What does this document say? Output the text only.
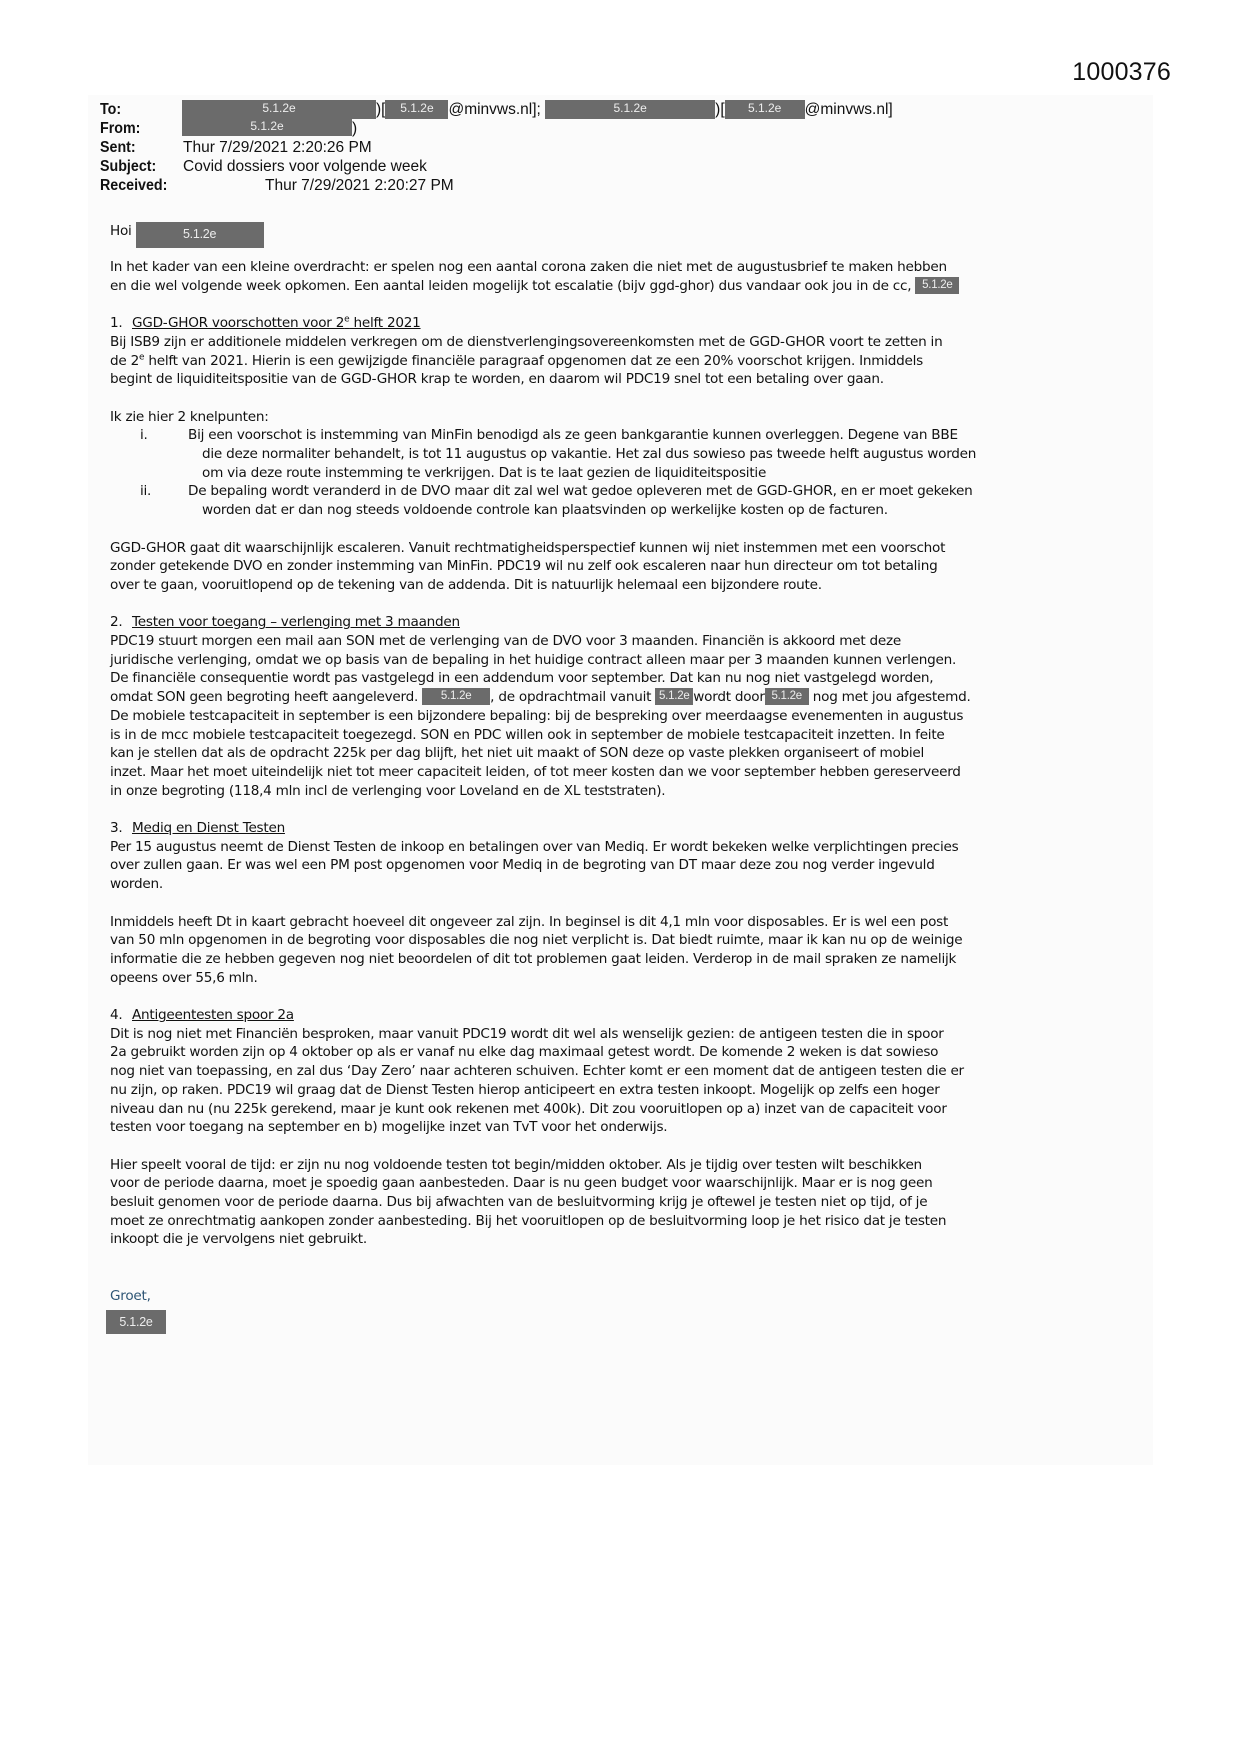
1000376
To:	5.1.2e	)[ 5.1.2e @minvws.nl];	5.1.2e	)[ 5.1.2e @minvws.nl]
From:	5.1.2e	)
Sent:	Thur 7/29/2021 2:20:26 PM
Subject: Covid dossiers voor volgende week
Received:	Thur 7/29/2021 2:20:27 PM

Hoi	5.1.2e

In het kader van een kleine overdracht: er spelen nog een aantal corona zaken die niet met de augustusbrief te maken hebben
en die wel volgende week opkomen. Een aantal leiden mogelijk tot escalatie (bijv ggd-ghor) dus vandaar ook jou in de cc, 5.1.2e

1. GGD-GHOR voorschotten voor 2e helft 2021

Bij ISB9 zijn er additionele middelen verkregen om de dienstverlengingsovereenkomsten met de GGD-GHOR voort te zetten in
de 2e helft van 2021. Hierin is een gewijzigde financiële paragraaf opgenomen dat ze een 20% voorschot krijgen. Inmiddels
begint de liquiditeitspositie van de GGD-GHOR krap te worden, en daarom wil PDC19 snel tot een betaling over gaan.

Ik zie hier 2 knelpunten:

i.	Bij een voorschot is instemming van MinFin benodigd als ze geen bankgarantie kunnen overleggen. Degene van BBE
die deze normaliter behandelt, is tot 11 augustus op vakantie. Het zal dus sowieso pas tweede helft augustus worden
om via deze route instemming te verkrijgen. Dat is te laat gezien de liquiditeitspositie
ii.	De bepaling wordt veranderd in de DVO maar dit zal wel wat gedoe opleveren met de GGD-GHOR, en er moet gekeken
worden dat er dan nog steeds voldoende controle kan plaatsvinden op werkelijke kosten op de facturen.

GGD-GHOR gaat dit waarschijnlijk escaleren. Vanuit rechtmatigheidsperspectief kunnen wij niet instemmen met een voorschot
zonder getekende DVO en zonder instemming van MinFin. PDC19 wil nu zelf ook escaleren naar hun directeur om tot betaling
over te gaan, vooruitlopend op de tekening van de addenda. Dit is natuurlijk helemaal een bijzondere route.

2. Testen voor toegang – verlenging met 3 maanden

PDC19 stuurt morgen een mail aan SON met de verlenging van de DVO voor 3 maanden. Financiën is akkoord met deze
juridische verlenging, omdat we op basis van de bepaling in het huidige contract alleen maar per 3 maanden kunnen verlengen.
De financiële consequentie wordt pas vastgelegd in een addendum voor september. Dat kan nu nog niet vastgelegd worden,
omdat SON geen begroting heeft aangeleverd. 5.1.2e , de opdrachtmail vanuit 5.1.2e wordt door 5.1.2e nog met jou afgestemd.
De mobiele testcapaciteit in september is een bijzondere bepaling: bij de bespreking over meerdaagse evenementen in augustus
is in de mcc mobiele testcapaciteit toegezegd. SON en PDC willen ook in september de mobiele testcapaciteit inzetten. In feite
kan je stellen dat als de opdracht 225k per dag blijft, het niet uit maakt of SON deze op vaste plekken organiseert of mobiel
inzet. Maar het moet uiteindelijk niet tot meer capaciteit leiden, of tot meer kosten dan we voor september hebben gereserveerd
in onze begroting (118,4 mln incl de verlenging voor Loveland en de XL teststraten).

3. Mediq en Dienst Testen

Per 15 augustus neemt de Dienst Testen de inkoop en betalingen over van Mediq. Er wordt bekeken welke verplichtingen precies
over zullen gaan. Er was wel een PM post opgenomen voor Mediq in de begroting van DT maar deze zou nog verder ingevuld
worden.

Inmiddels heeft Dt in kaart gebracht hoeveel dit ongeveer zal zijn. In beginsel is dit 4,1 mln voor disposables. Er is wel een post
van 50 mln opgenomen in de begroting voor disposables die nog niet verplicht is. Dat biedt ruimte, maar ik kan nu op de weinige
informatie die ze hebben gegeven nog niet beoordelen of dit tot problemen gaat leiden. Verderop in de mail spraken ze namelijk
opeens over 55,6 mln.

4. Antigeentesten spoor 2a

Dit is nog niet met Financiën besproken, maar vanuit PDC19 wordt dit wel als wenselijk gezien: de antigeen testen die in spoor
2a gebruikt worden zijn op 4 oktober op als er vanaf nu elke dag maximaal getest wordt. De komende 2 weken is dat sowieso
nog niet van toepassing, en zal dus ‘Day Zero’ naar achteren schuiven. Echter komt er een moment dat de antigeen testen die er
nu zijn, op raken. PDC19 wil graag dat de Dienst Testen hierop anticipeert en extra testen inkoopt. Mogelijk op zelfs een hoger
niveau dan nu (nu 225k gerekend, maar je kunt ook rekenen met 400k). Dit zou vooruitlopen op a) inzet van de capaciteit voor
testen voor toegang na september en b) mogelijke inzet van TvT voor het onderwijs.

Hier speelt vooral de tijd: er zijn nu nog voldoende testen tot begin/midden oktober. Als je tijdig over testen wilt beschikken
voor de periode daarna, moet je spoedig gaan aanbesteden. Daar is nu geen budget voor waarschijnlijk. Maar er is nog geen
besluit genomen voor de periode daarna. Dus bij afwachten van de besluitvorming krijg je oftewel je testen niet op tijd, of je
moet ze onrechtmatig aankopen zonder aanbesteding. Bij het vooruitlopen op de besluitvorming loop je het risico dat je testen
inkoopt die je vervolgens niet gebruikt.

Groet,

5.1.2e
